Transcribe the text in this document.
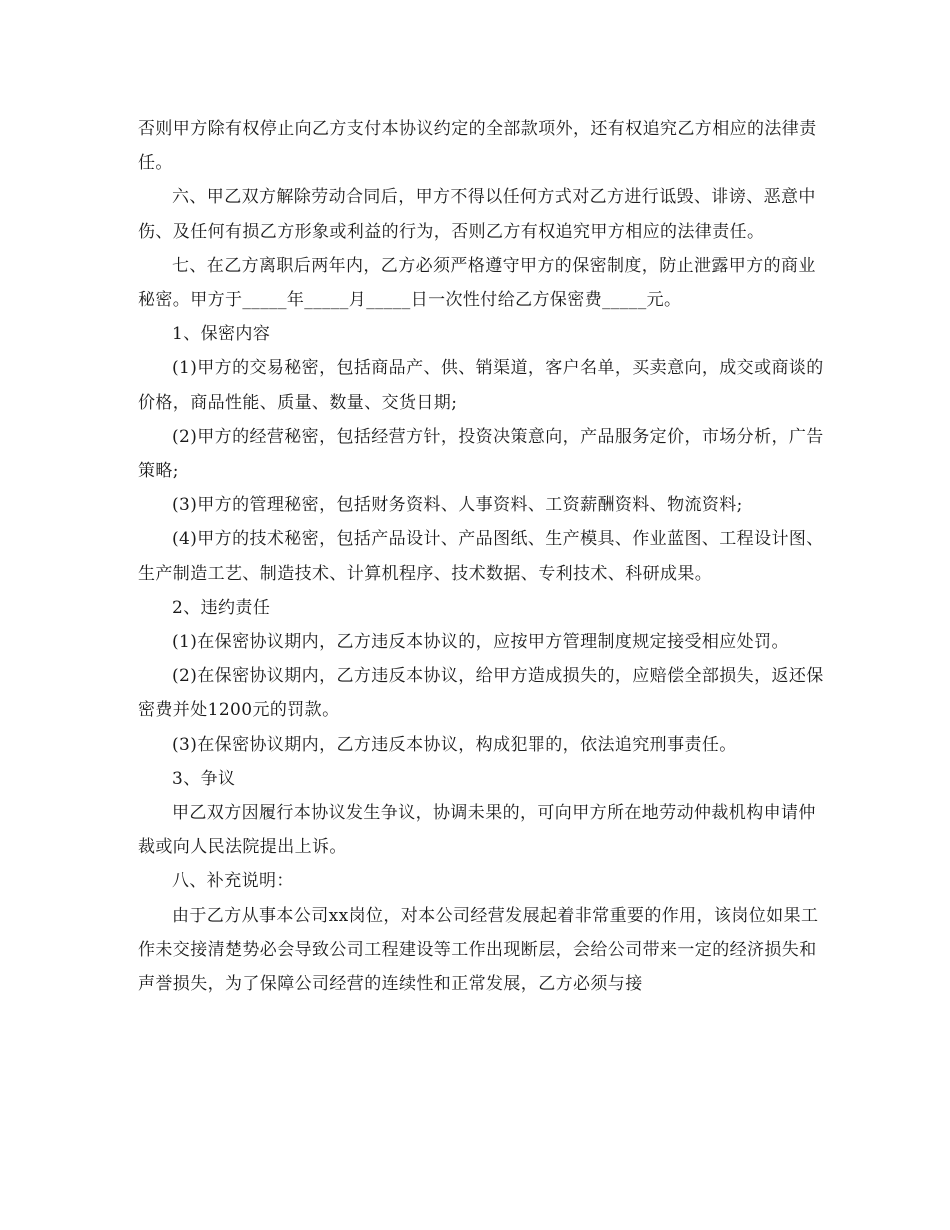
否则甲方除有权停止向乙方支付本协议约定的全部款项外，还有权追究乙方相应的法律责任。

六、甲乙双方解除劳动合同后，甲方不得以任何方式对乙方进行诋毁、诽谤、恶意中伤、及任何有损乙方形象或利益的行为，否则乙方有权追究甲方相应的法律责任。

七、在乙方离职后两年内，乙方必须严格遵守甲方的保密制度，防止泄露甲方的商业秘密。甲方于_____年_____月_____日一次性付给乙方保密费_____元。

1、保密内容

(1)甲方的交易秘密，包括商品产、供、销渠道，客户名单，买卖意向，成交或商谈的价格，商品性能、质量、数量、交货日期;

(2)甲方的经营秘密，包括经营方针，投资决策意向，产品服务定价，市场分析，广告策略;

(3)甲方的管理秘密，包括财务资料、人事资料、工资薪酬资料、物流资料;

(4)甲方的技术秘密，包括产品设计、产品图纸、生产模具、作业蓝图、工程设计图、生产制造工艺、制造技术、计算机程序、技术数据、专利技术、科研成果。

2、违约责任

(1)在保密协议期内，乙方违反本协议的，应按甲方管理制度规定接受相应处罚。

(2)在保密协议期内，乙方违反本协议，给甲方造成损失的，应赔偿全部损失，返还保密费并处1200元的罚款。

(3)在保密协议期内，乙方违反本协议，构成犯罪的，依法追究刑事责任。

3、争议

甲乙双方因履行本协议发生争议，协调未果的，可向甲方所在地劳动仲裁机构申请仲裁或向人民法院提出上诉。

八、补充说明：

由于乙方从事本公司xx岗位，对本公司经营发展起着非常重要的作用，该岗位如果工作未交接清楚势必会导致公司工程建设等工作出现断层，会给公司带来一定的经济损失和声誉损失，为了保障公司经营的连续性和正常发展，乙方必须与接
